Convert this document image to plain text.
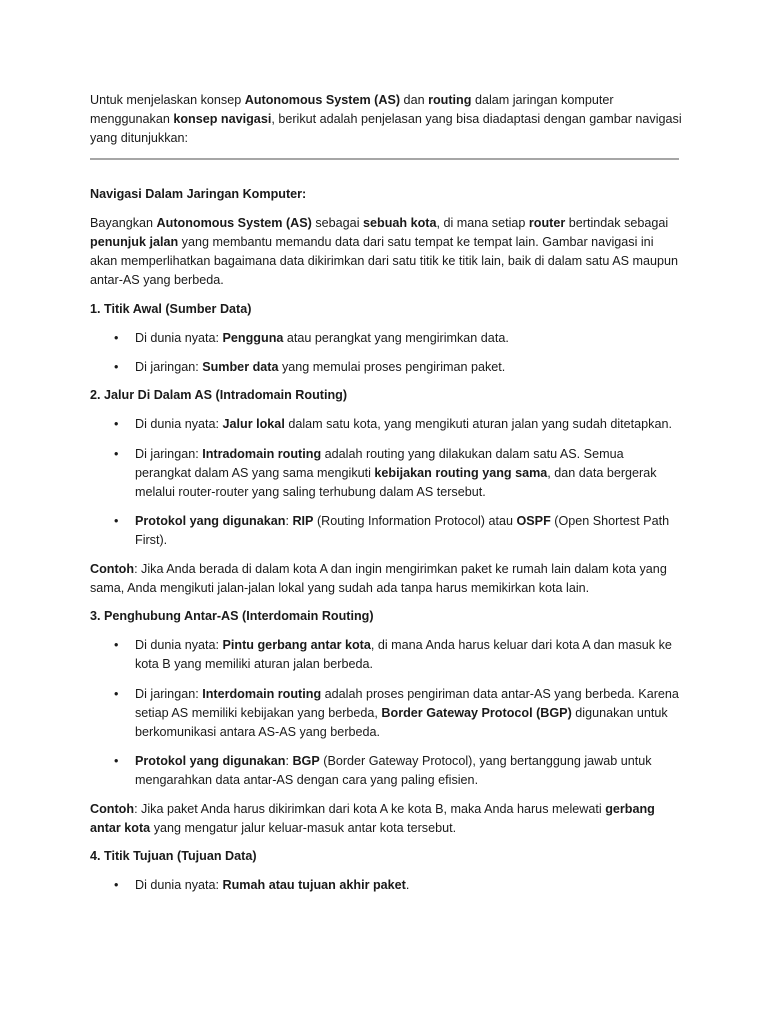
Untuk menjelaskan konsep Autonomous System (AS) dan routing dalam jaringan komputer menggunakan konsep navigasi, berikut adalah penjelasan yang bisa diadaptasi dengan gambar navigasi yang ditunjukkan:

Navigasi Dalam Jaringan Komputer:

Bayangkan Autonomous System (AS) sebagai sebuah kota, di mana setiap router bertindak sebagai penunjuk jalan yang membantu memandu data dari satu tempat ke tempat lain. Gambar navigasi ini akan memperlihatkan bagaimana data dikirimkan dari satu titik ke titik lain, baik di dalam satu AS maupun antar-AS yang berbeda.

1. Titik Awal (Sumber Data)

• Di dunia nyata: Pengguna atau perangkat yang mengirimkan data.
• Di jaringan: Sumber data yang memulai proses pengiriman paket.

2. Jalur Di Dalam AS (Intradomain Routing)

• Di dunia nyata: Jalur lokal dalam satu kota, yang mengikuti aturan jalan yang sudah ditetapkan.
• Di jaringan: Intradomain routing adalah routing yang dilakukan dalam satu AS. Semua perangkat dalam AS yang sama mengikuti kebijakan routing yang sama, dan data bergerak melalui router-router yang saling terhubung dalam AS tersebut.
• Protokol yang digunakan: RIP (Routing Information Protocol) atau OSPF (Open Shortest Path First).

Contoh: Jika Anda berada di dalam kota A dan ingin mengirimkan paket ke rumah lain dalam kota yang sama, Anda mengikuti jalan-jalan lokal yang sudah ada tanpa harus memikirkan kota lain.

3. Penghubung Antar-AS (Interdomain Routing)

• Di dunia nyata: Pintu gerbang antar kota, di mana Anda harus keluar dari kota A dan masuk ke kota B yang memiliki aturan jalan berbeda.
• Di jaringan: Interdomain routing adalah proses pengiriman data antar-AS yang berbeda. Karena setiap AS memiliki kebijakan yang berbeda, Border Gateway Protocol (BGP) digunakan untuk berkomunikasi antara AS-AS yang berbeda.
• Protokol yang digunakan: BGP (Border Gateway Protocol), yang bertanggung jawab untuk mengarahkan data antar-AS dengan cara yang paling efisien.

Contoh: Jika paket Anda harus dikirimkan dari kota A ke kota B, maka Anda harus melewati gerbang antar kota yang mengatur jalur keluar-masuk antar kota tersebut.

4. Titik Tujuan (Tujuan Data)

• Di dunia nyata: Rumah atau tujuan akhir paket.
